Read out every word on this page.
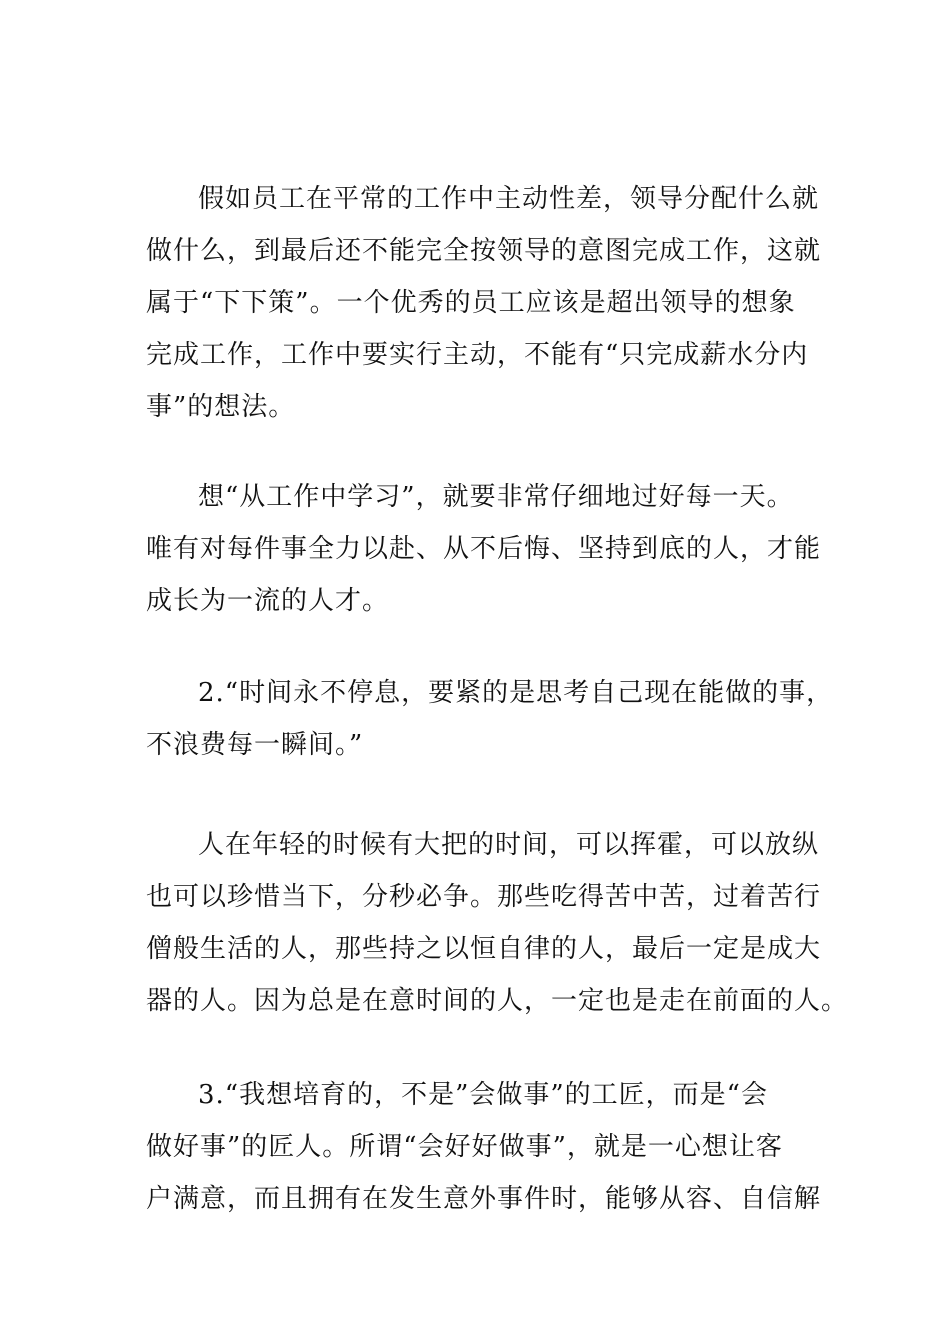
假如员工在平常的工作中主动性差，领导分配什么就
做什么，到最后还不能完全按领导的意图完成工作，这就
属于“下下策”。一个优秀的员工应该是超出领导的想象
完成工作，工作中要实行主动，不能有“只完成薪水分内
事”的想法。
想“从工作中学习”，就要非常仔细地过好每一天。
唯有对每件事全力以赴、从不后悔、坚持到底的人，才能
成长为一流的人才。
2.“时间永不停息，要紧的是思考自己现在能做的事，
不浪费每一瞬间。”
人在年轻的时候有大把的时间，可以挥霍，可以放纵
也可以珍惜当下，分秒必争。那些吃得苦中苦，过着苦行
僧般生活的人，那些持之以恒自律的人，最后一定是成大
器的人。因为总是在意时间的人，一定也是走在前面的人。
3.“我想培育的，不是”会做事”的工匠，而是“会
做好事”的匠人。所谓“会好好做事”，就是一心想让客
户满意，而且拥有在发生意外事件时，能够从容、自信解
